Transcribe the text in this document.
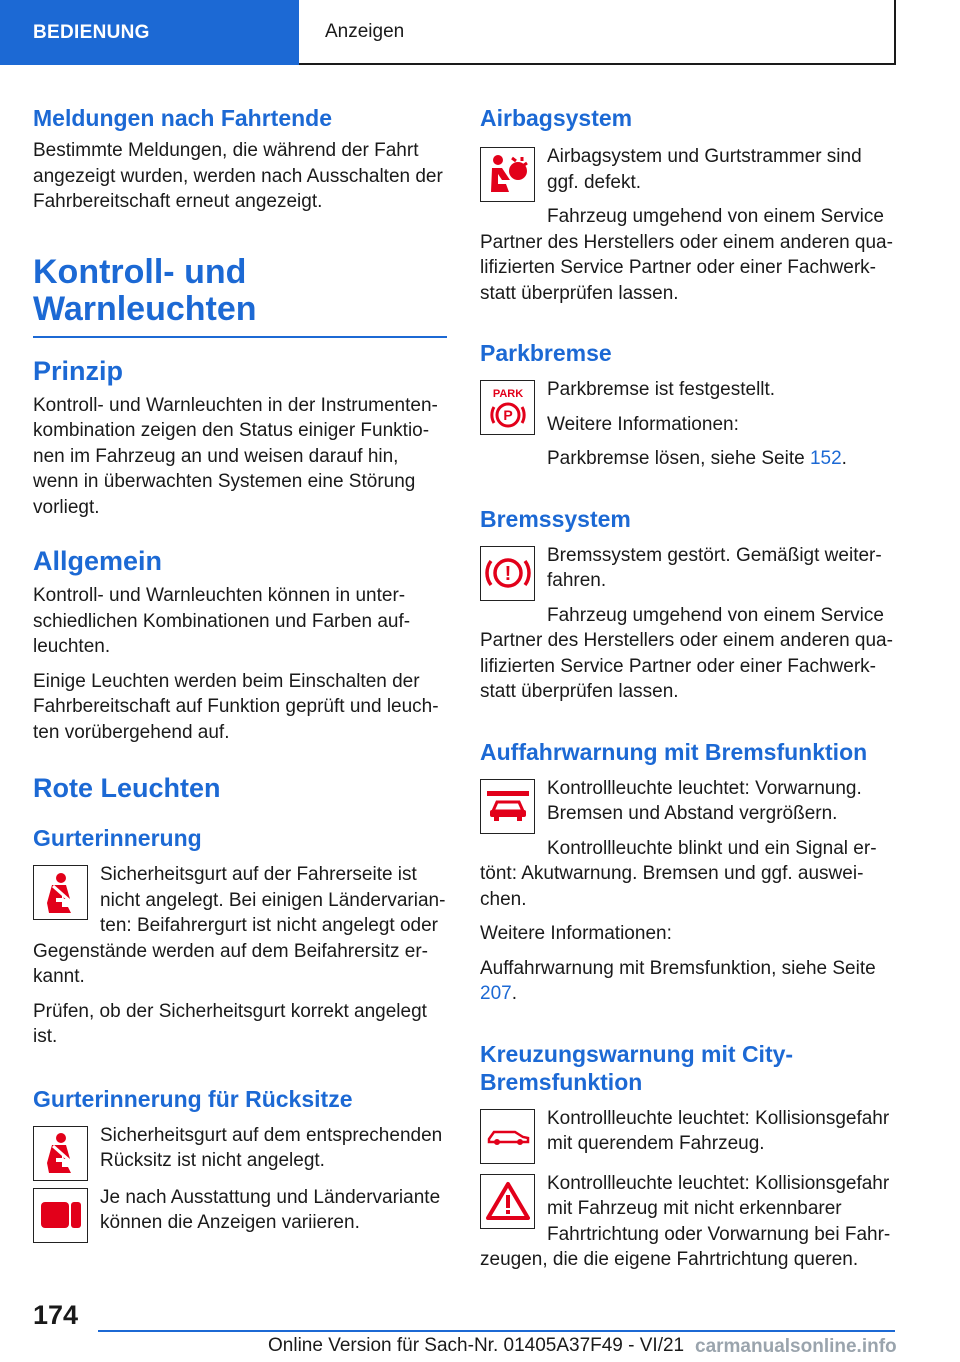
BEDIENUNG	Anzeigen
Meldungen nach Fahrtende

Bestimmte Meldungen, die während der Fahrt angezeigt wurden, werden nach Ausschalten der Fahrbereitschaft erneut angezeigt.

Kontroll- und
Warnleuchten
Prinzip

Kontroll- und Warnleuchten in der Instrumentenkombination zeigen den Status einiger Funktionen im Fahrzeug an und weisen darauf hin, wenn in überwachten Systemen eine Störung vorliegt.

Allgemein

Kontroll- und Warnleuchten können in unterschiedlichen Kombinationen und Farben aufleuchten.

Einige Leuchten werden beim Einschalten der Fahrbereitschaft auf Funktion geprüft und leuchten vorübergehend auf.

Rote Leuchten
Gurterinnerung

Sicherheitsgurt auf der Fahrerseite ist nicht angelegt. Bei einigen Ländervarianten: Beifahrergurt ist nicht angelegt oder Gegenstände werden auf dem Beifahrersitz erkannt.

Prüfen, ob der Sicherheitsgurt korrekt angelegt ist.

Gurterinnerung für Rücksitze

Sicherheitsgurt auf dem entsprechenden Rücksitz ist nicht angelegt.

Je nach Ausstattung und Ländervariante können die Anzeigen variieren.

Airbagsystem

Airbagsystem und Gurtstrammer sind ggf. defekt.

Fahrzeug umgehend von einem Service Partner des Herstellers oder einem anderen qualifizierten Service Partner oder einer Fachwerkstatt überprüfen lassen.

Parkbremse
PARK
P

Parkbremse ist festgestellt.

Weitere Informationen:

Parkbremse lösen, siehe Seite 152.

Bremssystem
!

Bremssystem gestört. Gemäßigt weiterfahren.

Fahrzeug umgehend von einem Service Partner des Herstellers oder einem anderen qualifizierten Service Partner oder einer Fachwerkstatt überprüfen lassen.

Auffahrwarnung mit Bremsfunktion

Kontrollleuchte leuchtet: Vorwarnung. Bremsen und Abstand vergrößern.

Kontrollleuchte blinkt und ein Signal ertönt: Akutwarnung. Bremsen und ggf. ausweichen.

Weitere Informationen:

Auffahrwarnung mit Bremsfunktion, siehe Seite 207.

Kreuzungswarnung mit City-Bremsfunktion

Kontrollleuchte leuchtet: Kollisionsgefahr mit querendem Fahrzeug.

Kontrollleuchte leuchtet: Kollisionsgefahr mit Fahrzeug mit nicht erkennbarer Fahrtrichtung oder Vorwarnung bei Fahrzeugen, die die eigene Fahrtrichtung queren.

174
Online Version für Sach-Nr. 01405A37F49 - VI/21 carmanualsonline.info
